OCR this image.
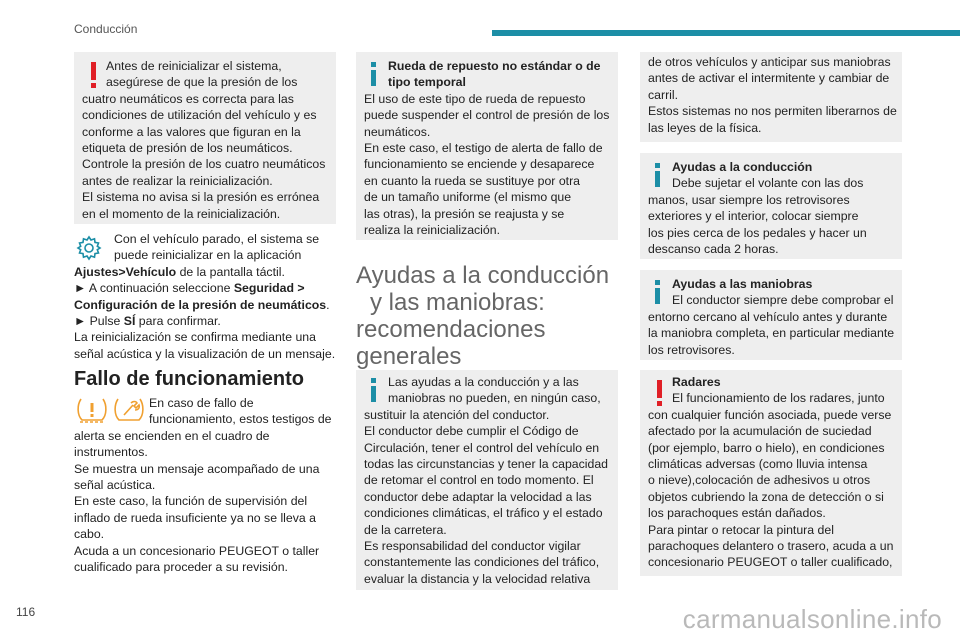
Conducción

Antes de reinicializar el sistema,

asegúrese de que la presión de los

cuatro neumáticos es correcta para las

condiciones de utilización del vehículo y es

conforme a las valores que figuran en la

etiqueta de presión de los neumáticos.

Controle la presión de los cuatro neumáticos

antes de realizar la reinicialización.

El sistema no avisa si la presión es errónea

en el momento de la reinicialización.

Con el vehículo parado, el sistema se

puede reinicializar en la aplicación

Ajustes>Vehículo de la pantalla táctil.

► A continuación seleccione Seguridad >

Configuración de la presión de neumáticos.

► Pulse SÍ para confirmar.

La reinicialización se confirma mediante una

señal acústica y la visualización de un mensaje.

Fallo de funcionamiento

En caso de fallo de

funcionamiento, estos testigos de

alerta se encienden en el cuadro de

instrumentos.

Se muestra un mensaje acompañado de una

señal acústica.

En este caso, la función de supervisión del

inflado de rueda insuficiente ya no se lleva a

cabo.

Acuda a un concesionario PEUGEOT o taller

cualificado para proceder a su revisión.

Rueda de repuesto no estándar o de

tipo temporal

El uso de este tipo de rueda de repuesto

puede suspender el control de presión de los

neumáticos.

En este caso, el testigo de alerta de fallo de

funcionamiento se enciende y desaparece

en cuanto la rueda se sustituye por otra

de un tamaño uniforme (el mismo que

las otras), la presión se reajusta y se

realiza la reinicialización.

Ayudas a la conducción
y las maniobras:
recomendaciones
generales

Las ayudas a la conducción y a las

maniobras no pueden, en ningún caso,

sustituir la atención del conductor.

El conductor debe cumplir el Código de

Circulación, tener el control del vehículo en

todas las circunstancias y tener la capacidad

de retomar el control en todo momento. El

conductor debe adaptar la velocidad a las

condiciones climáticas, el tráfico y el estado

de la carretera.

Es responsabilidad del conductor vigilar

constantemente las condiciones del tráfico,

evaluar la distancia y la velocidad relativa

de otros vehículos y anticipar sus maniobras

antes de activar el intermitente y cambiar de

carril.

Estos sistemas no nos permiten liberarnos de

las leyes de la física.

Ayudas a la conducción

Debe sujetar el volante con las dos

manos, usar siempre los retrovisores

exteriores y el interior, colocar siempre

los pies cerca de los pedales y hacer un

descanso cada 2 horas.

Ayudas a las maniobras

El conductor siempre debe comprobar el

entorno cercano al vehículo antes y durante

la maniobra completa, en particular mediante

los retrovisores.

Radares

El funcionamiento de los radares, junto

con cualquier función asociada, puede verse

afectado por la acumulación de suciedad

(por ejemplo, barro o hielo), en condiciones

climáticas adversas (como lluvia intensa

o nieve),colocación de adhesivos u otros

objetos cubriendo la zona de detección o si

los parachoques están dañados.

Para pintar o retocar la pintura del

parachoques delantero o trasero, acuda a un

concesionario PEUGEOT o taller cualificado,

116	carmanualsonline.info
